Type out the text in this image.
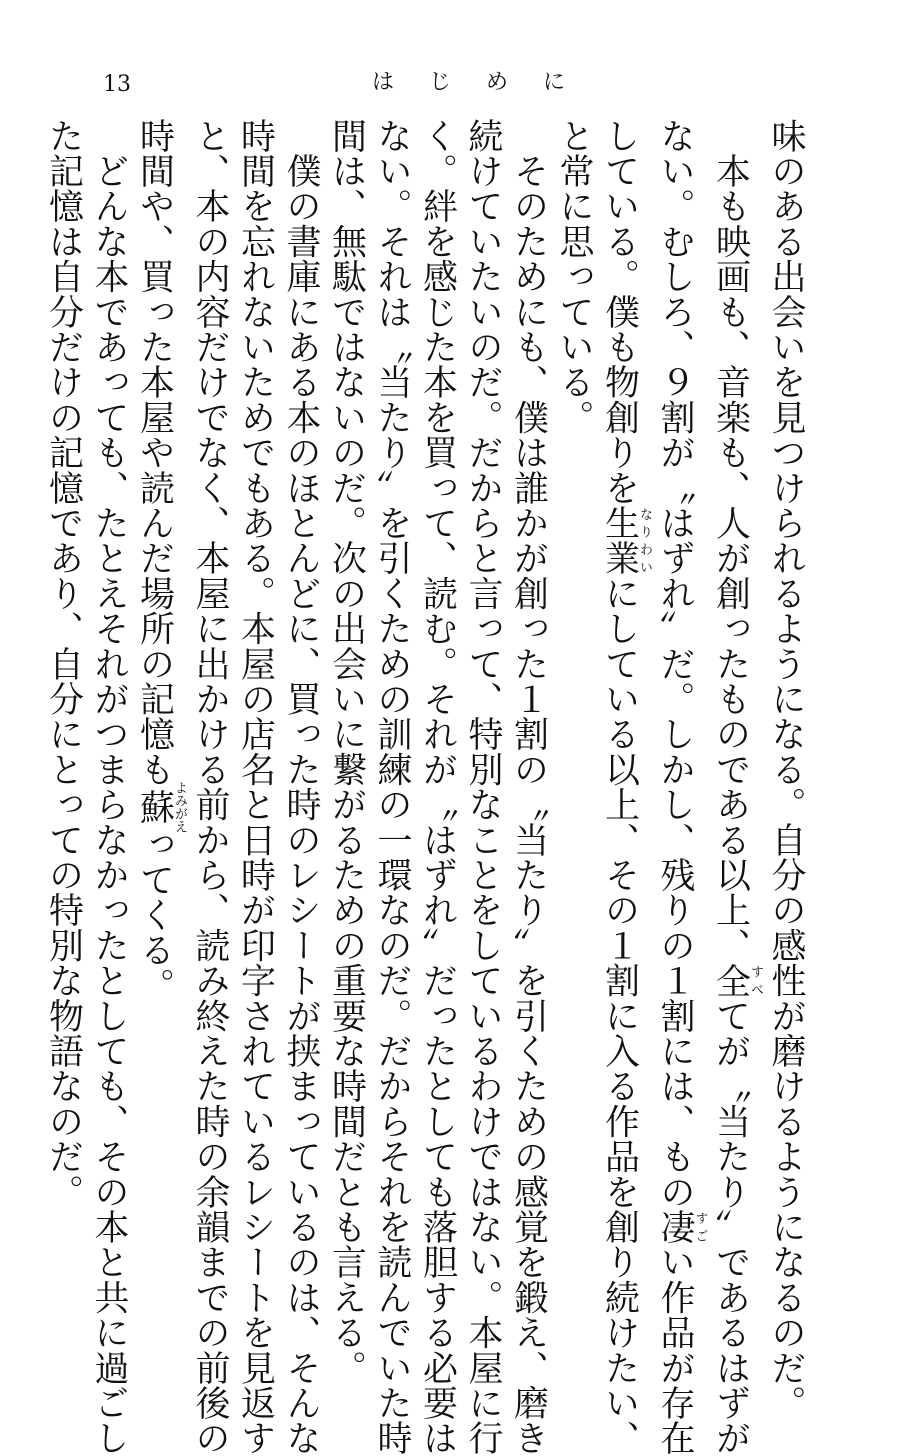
13	はじめに
味のある出会いを見つけられるようになる。自分の感性が磨けるようになるのだ。
　本も映画も、音楽も、人が創ったものである以上、全すべてが〝当たり〟であるはずが
ない。むしろ、９割が〝はずれ〟だ。しかし、残りの１割には、もの凄すごい作品が存在
している。僕も物創りを生業なりわいにしている以上、その１割に入る作品を創り続けたい、
と常に思っている。
　そのためにも、僕は誰かが創った１割の〝当たり〟を引くための感覚を鍛え、磨き
続けていたいのだ。だからと言って、特別なことをしているわけではない。本屋に行
く。絆を感じた本を買って、読む。それが〝はずれ〟だったとしても落胆する必要は
ない。それは〝当たり〟を引くための訓練の一環なのだ。だからそれを読んでいた時
間は、無駄ではないのだ。次の出会いに繋がるための重要な時間だとも言える。
　僕の書庫にある本のほとんどに、買った時のレシートが挟まっているのは、そんな
時間を忘れないためでもある。本屋の店名と日時が印字されているレシートを見返す
と、本の内容だけでなく、本屋に出かける前から、読み終えた時の余韻までの前後の
時間や、買った本屋や読んだ場所の記憶も蘇よみがえってくる。
　どんな本であっても、たとえそれがつまらなかったとしても、その本と共に過ごし
た記憶は自分だけの記憶であり、自分にとっての特別な物語なのだ。
